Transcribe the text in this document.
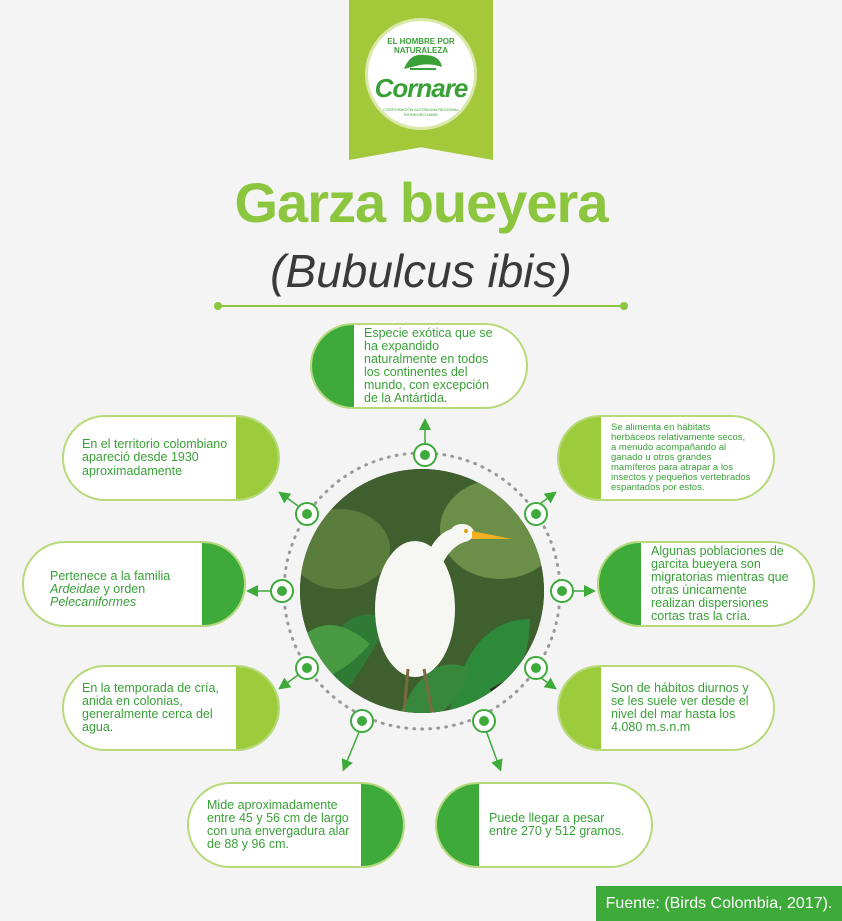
EL HOMBRE POR NATURALEZA
Cornare
CORPORACIÓN AUTÓNOMA REGIONAL RIONEGRO-NARE
Garza bueyera
(Bubulcus ibis)
Especie exótica que se ha expandido naturalmente en todos los continentes del mundo, con excepción de la Antártida.
Se alimenta en hábitats herbáceos relativamente secos, a menudo acompañando al ganado u otros grandes mamíferos para atrapar a los insectos y pequeños vertebrados espantados por estos.
Algunas poblaciones de garcita bueyera son migratorias mientras que otras únicamente realizan dispersiones cortas tras la cría.
Son de hábitos diurnos y se les suele ver desde el nivel del mar hasta los 4.080 m.s.n.m
Puede llegar a pesar entre 270 y 512 gramos.
Mide aproximadamente entre 45 y 56 cm de largo con una envergadura alar de 88 y 96 cm.
En la temporada de cría, anida en colonias, generalmente cerca del agua.
Pertenece a la familia
Ardeidae y orden
Pelecaniformes
En el territorio colombiano apareció desde 1930 aproximadamente
Fuente: (Birds Colombia, 2017).
